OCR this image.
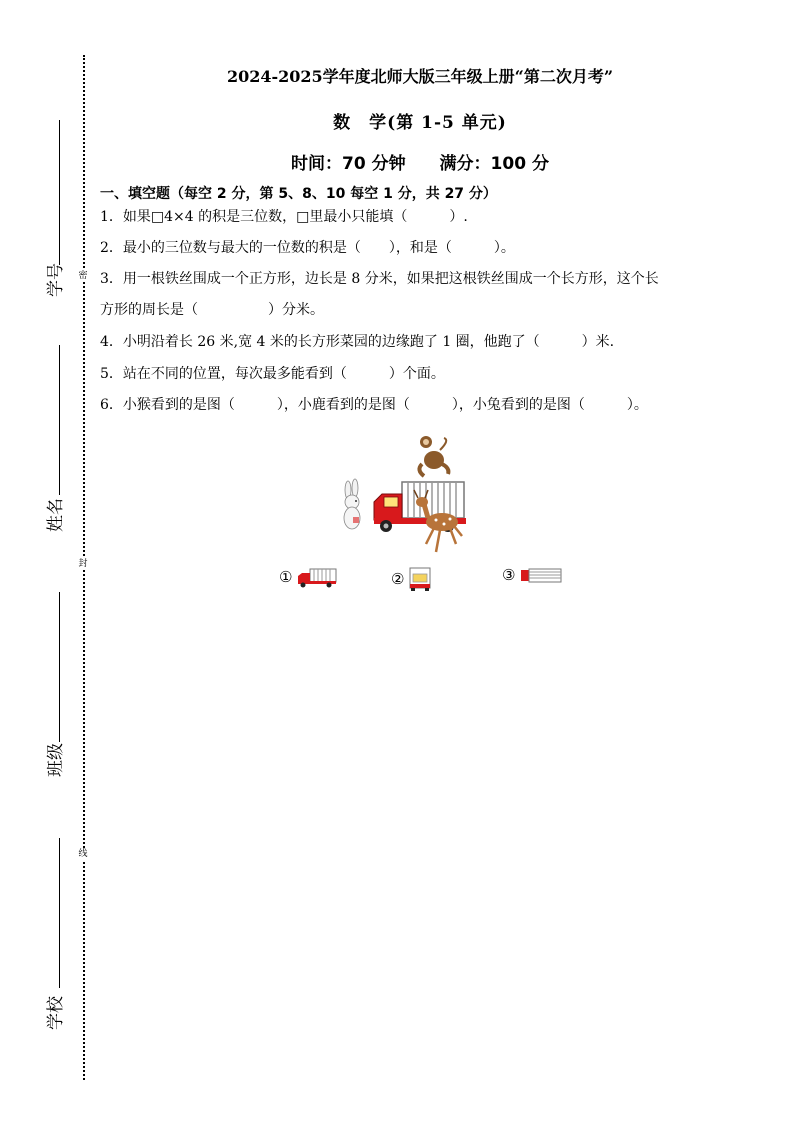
密
封
线
学号
姓名
班级
学校
2024-2025学年度北师大版三年级上册“第二次月考”
数　学(第 1-5 单元)
时间：70 分钟 满分：100 分
一、填空题（每空 2 分，第 5、8、10 每空 1 分，共 27 分）
1．如果□4×4 的积是三位数，□里最小只能填（　　　）.
2．最小的三位数与最大的一位数的积是（　　），和是（　　　）。
3．用一根铁丝围成一个正方形，边长是 8 分米，如果把这根铁丝围成一个长方形，这个长
方形的周长是（　　　　　）分米。
4．小明沿着长 26 米,宽 4 米的长方形菜园的边缘跑了 1 圈，他跑了（　　　）米.
5．站在不同的位置，每次最多能看到（　　　）个面。
6．小猴看到的是图（　　　），小鹿看到的是图（　　　），小兔看到的是图（　　　）。
①	②	③
